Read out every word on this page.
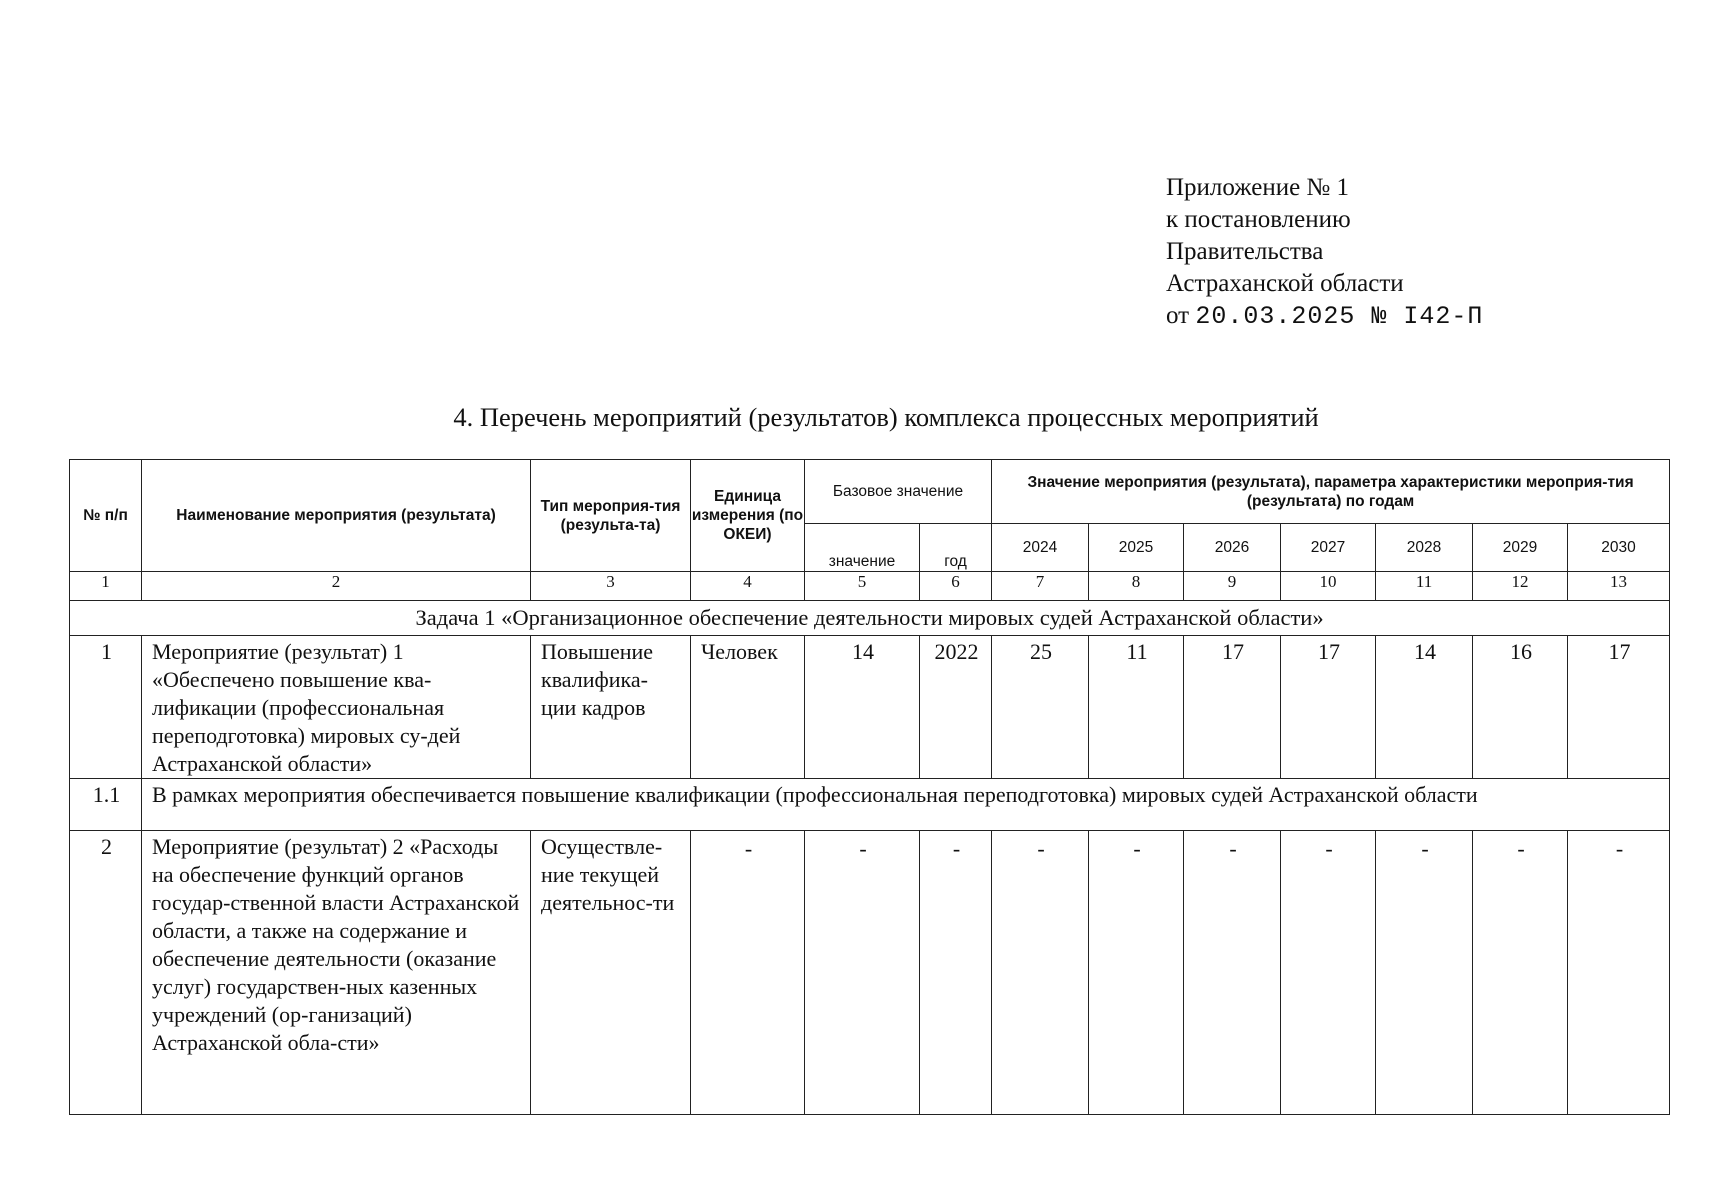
Приложение № 1
к постановлению
Правительства
Астраханской области
от 20.03.2025 № I42-П
4. Перечень мероприятий (результатов) комплекса процессных мероприятий
№ п/п	Наименование мероприятия (результата)	Тип мероприя-тия (результа-та)	Единица измерения (по ОКЕИ)	Базовое значение		Значение мероприятия (результата), параметра характеристики мероприя-тия (результата) по годам						
				значение	год	2024	2025	2026	2027	2028	2029	2030
1	2	3	4	5	6	7	8	9	10	11	12	13
Задача 1 «Организационное обеспечение деятельности мировых судей Астраханской области»												
1	Мероприятие (результат) 1 «Обеспечено повышение ква-лификации (профессиональная переподготовка) мировых су-дей Астраханской области»	Повышение квалифика-ции кадров	Человек	14	2022	25	11	17	17	14	16	17
1.1	В рамках мероприятия обеспечивается повышение квалификации (профессиональная переподготовка) мировых судей Астраханской области											
2	Мероприятие (результат) 2 «Расходы на обеспечение функций органов государ-ственной власти Астраханской области, а также на содержание и обеспечение деятельности (оказание услуг) государствен-ных казенных учреждений (ор-ганизаций) Астраханской обла-сти»	Осуществле-ние текущей деятельнос-ти	-	-	-	-	-	-	-	-	-	-
